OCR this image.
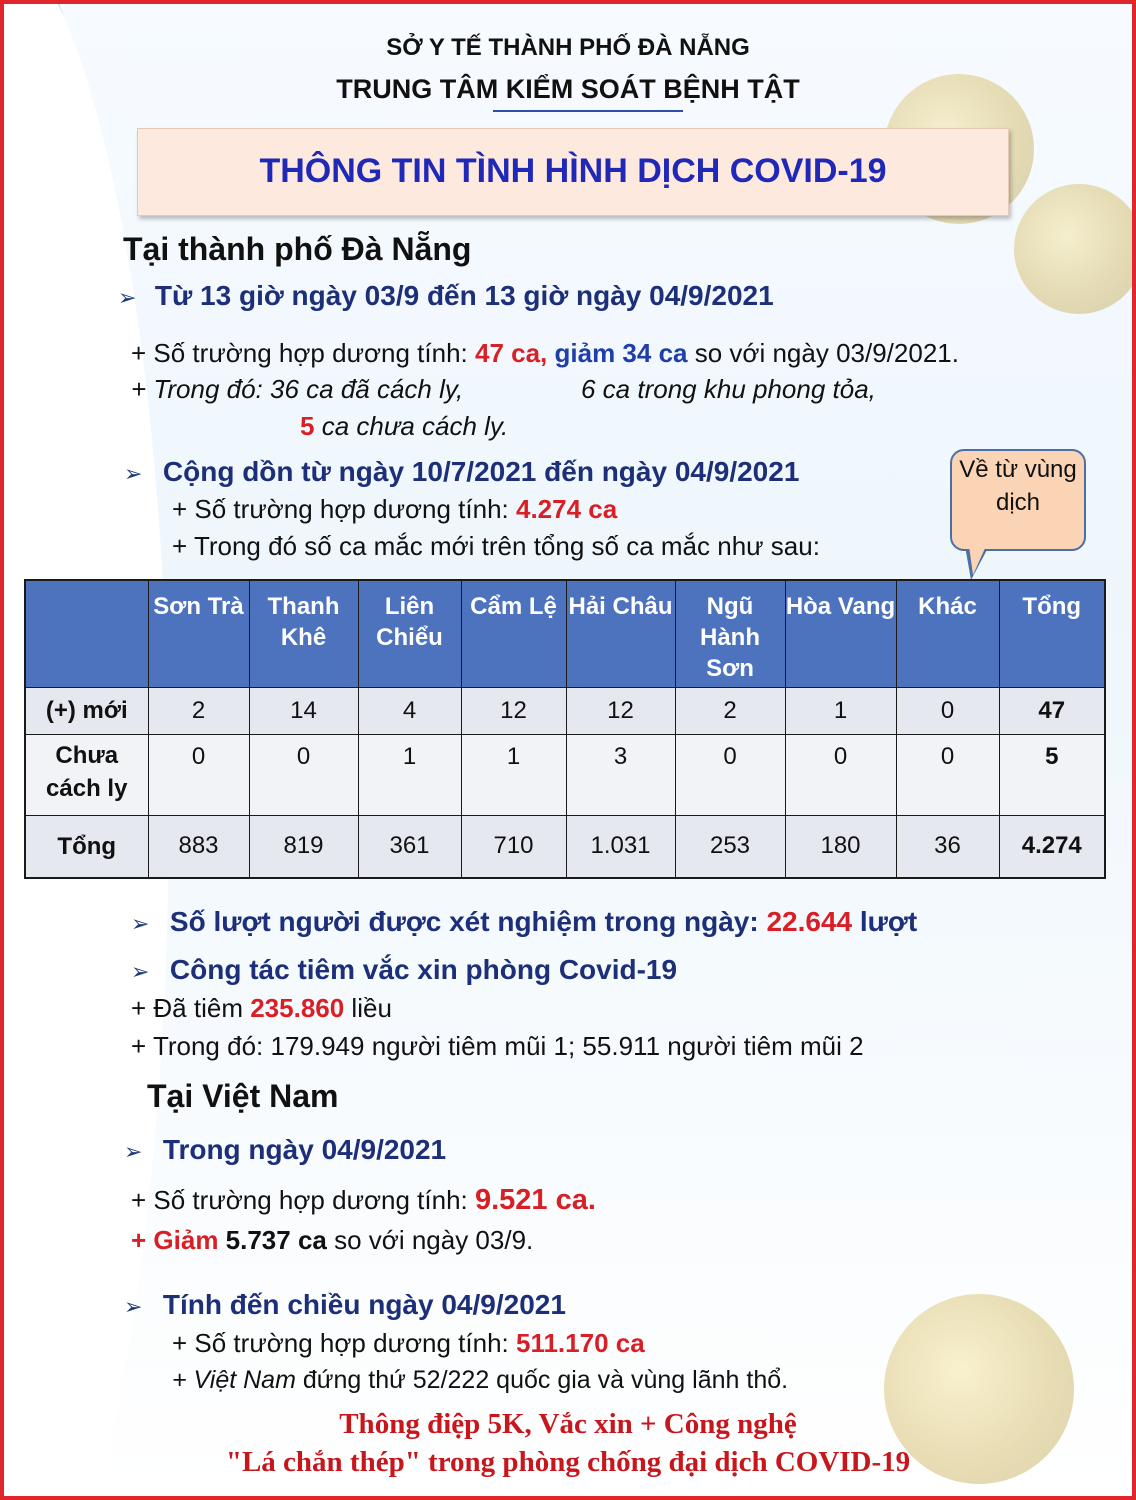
SỞ Y TẾ THÀNH PHỐ ĐÀ NẴNG
TRUNG TÂM KIỂM SOÁT BỆNH TẬT
THÔNG TIN TÌNH HÌNH DỊCH COVID-19
Tại thành phố Đà Nẵng
➢ Từ 13 giờ ngày 03/9 đến 13 giờ ngày 04/9/2021
+ Số trường hợp dương tính: 47 ca, giảm 34 ca so với ngày 03/9/2021.
+ Trong đó: 36 ca đã cách ly,	6 ca trong khu phong tỏa,
5 ca chưa cách ly.
➢ Cộng dồn từ ngày 10/7/2021 đến ngày 04/9/2021
+ Số trường hợp dương tính: 4.274 ca
+ Trong đó số ca mắc mới trên tổng số ca mắc như sau:
Về từ vùng dịch
	Sơn Trà	Thanh Khê	Liên Chiểu	Cẩm Lệ	Hải Châu	Ngũ Hành Sơn	Hòa Vang	Khác	Tổng
(+) mới	2	14	4	12	12	2	1	0	47
Chưa cách ly	0	0	1	1	3	0	0	0	5
Tổng	883	819	361	710	1.031	253	180	36	4.274
➢ Số lượt người được xét nghiệm trong ngày: 22.644 lượt
➢ Công tác tiêm vắc xin phòng Covid-19
+ Đã tiêm 235.860 liều
+ Trong đó: 179.949 người tiêm mũi 1; 55.911 người tiêm mũi 2
Tại Việt Nam
➢ Trong ngày 04/9/2021
+ Số trường hợp dương tính: 9.521 ca.
+ Giảm 5.737 ca so với ngày 03/9.
➢ Tính đến chiều ngày 04/9/2021
+ Số trường hợp dương tính: 511.170 ca
+ Việt Nam đứng thứ 52/222 quốc gia và vùng lãnh thổ.
Thông điệp 5K, Vắc xin + Công nghệ
"Lá chắn thép" trong phòng chống đại dịch COVID-19
